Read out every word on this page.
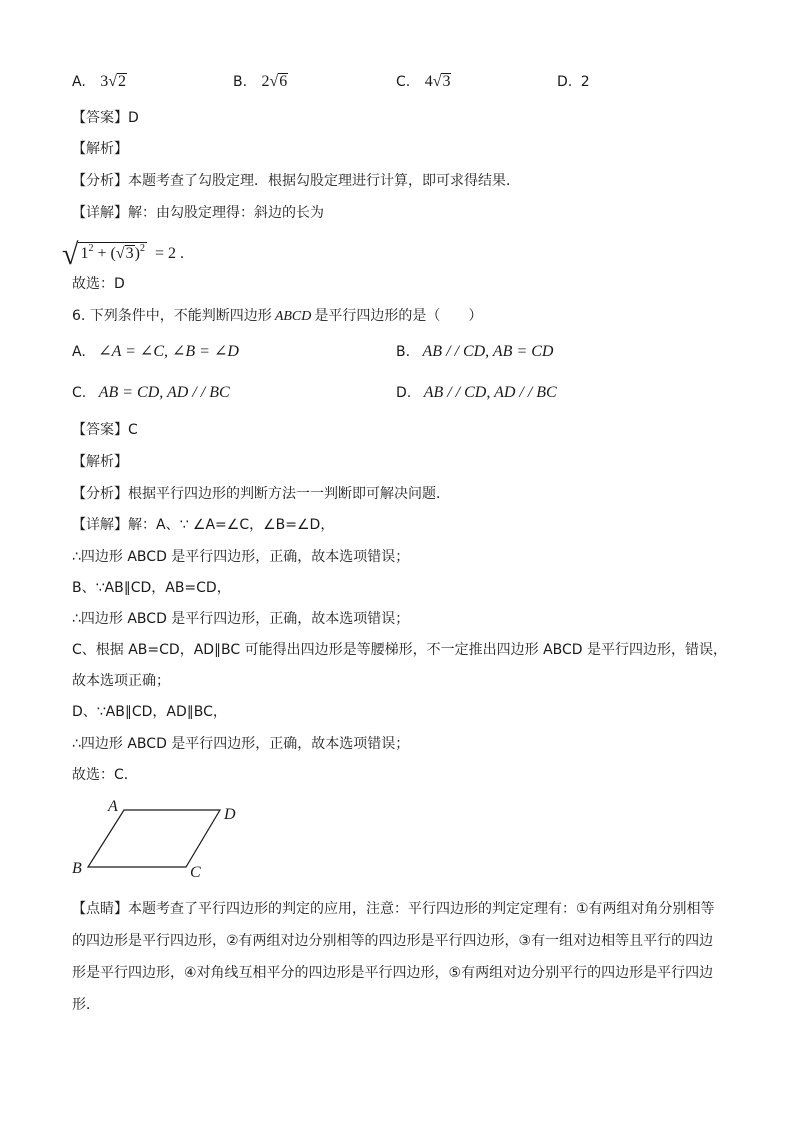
A. 3√2	B. 2√6	C. 4√3	D. 2
【答案】D
【解析】
【分析】本题考查了勾股定理．根据勾股定理进行计算，即可求得结果．
【详解】解：由勾股定理得：斜边的长为
√ $1^2 + (√3)^2 = 2$ .
故选：D
6. 下列条件中，不能判断四边形 ABCD 是平行四边形的是（　　）
A. ∠A = ∠C, ∠B = ∠D	B. AB / / CD, AB = CD
C. AB = CD, AD / / BC	D. AB / / CD, AD / / BC
【答案】C
【解析】
【分析】根据平行四边形的判断方法一一判断即可解决问题．
【详解】解：A、∵ ∠A=∠C，∠B=∠D，
∴四边形 ABCD 是平行四边形，正确，故本选项错误；
B、∵AB∥CD，AB=CD，
∴四边形 ABCD 是平行四边形，正确，故本选项错误；
C、根据 AB=CD，AD∥BC 可能得出四边形是等腰梯形，不一定推出四边形 ABCD 是平行四边形，错误，
故本选项正确；
D、∵AB∥CD，AD∥BC，
∴四边形 ABCD 是平行四边形，正确，故本选项错误；
故选：C．
A	D
B	C
【点睛】本题考查了平行四边形的判定的应用，注意：平行四边形的判定定理有：①有两组对角分别相等
的四边形是平行四边形，②有两组对边分别相等的四边形是平行四边形，③有一组对边相等且平行的四边
形是平行四边形，④对角线互相平分的四边形是平行四边形，⑤有两组对边分别平行的四边形是平行四边
形．
